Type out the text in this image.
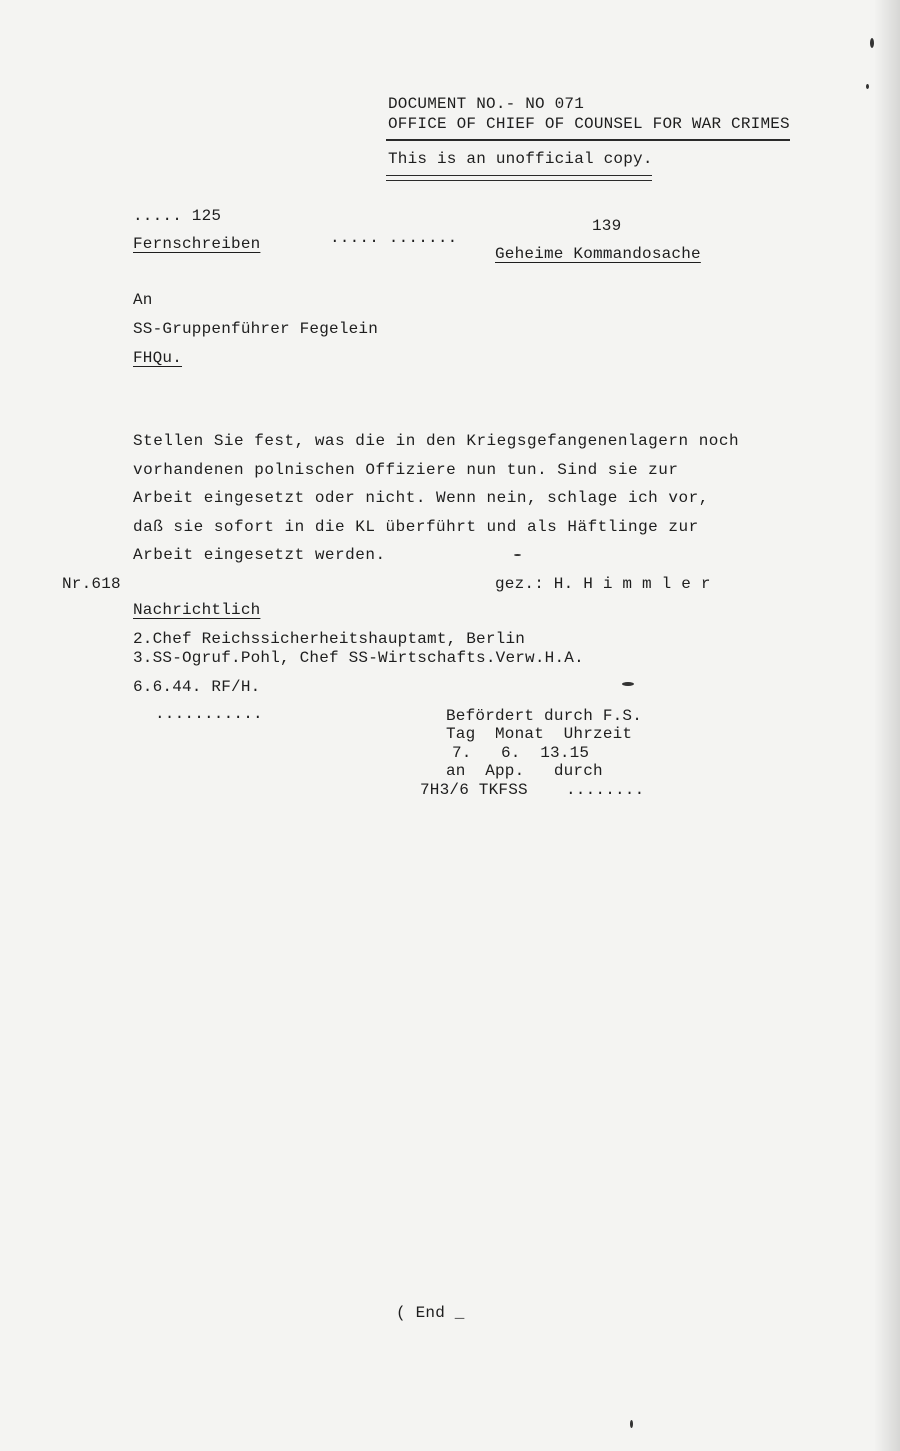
DOCUMENT NO.- NO 071
OFFICE OF CHIEF OF COUNSEL FOR WAR CRIMES
This is an unofficial copy.
..... 125
139
Fernschreiben	..... .......
Geheime Kommandosache
An
SS-Gruppenführer Fegelein
FHQu.
Stellen Sie fest, was die in den Kriegsgefangenenlagern noch
vorhandenen polnischen Offiziere nun tun. Sind sie zur
Arbeit eingesetzt oder nicht. Wenn nein, schlage ich vor,
daß sie sofort in die KL überführt und als Häftlinge zur
Arbeit eingesetzt werden.
Nr.618	gez.: H. H i m m l e r
Nachrichtlich
2.Chef Reichssicherheitshauptamt, Berlin
3.SS-Ogruf.Pohl, Chef SS-Wirtschafts.Verw.H.A.
6.6.44. RF/H.
...........	Befördert durch F.S.
Tag  Monat  Uhrzeit
7.   6.  13.15
an  App.   durch
7H3/6 TKFSS ........
( End _
